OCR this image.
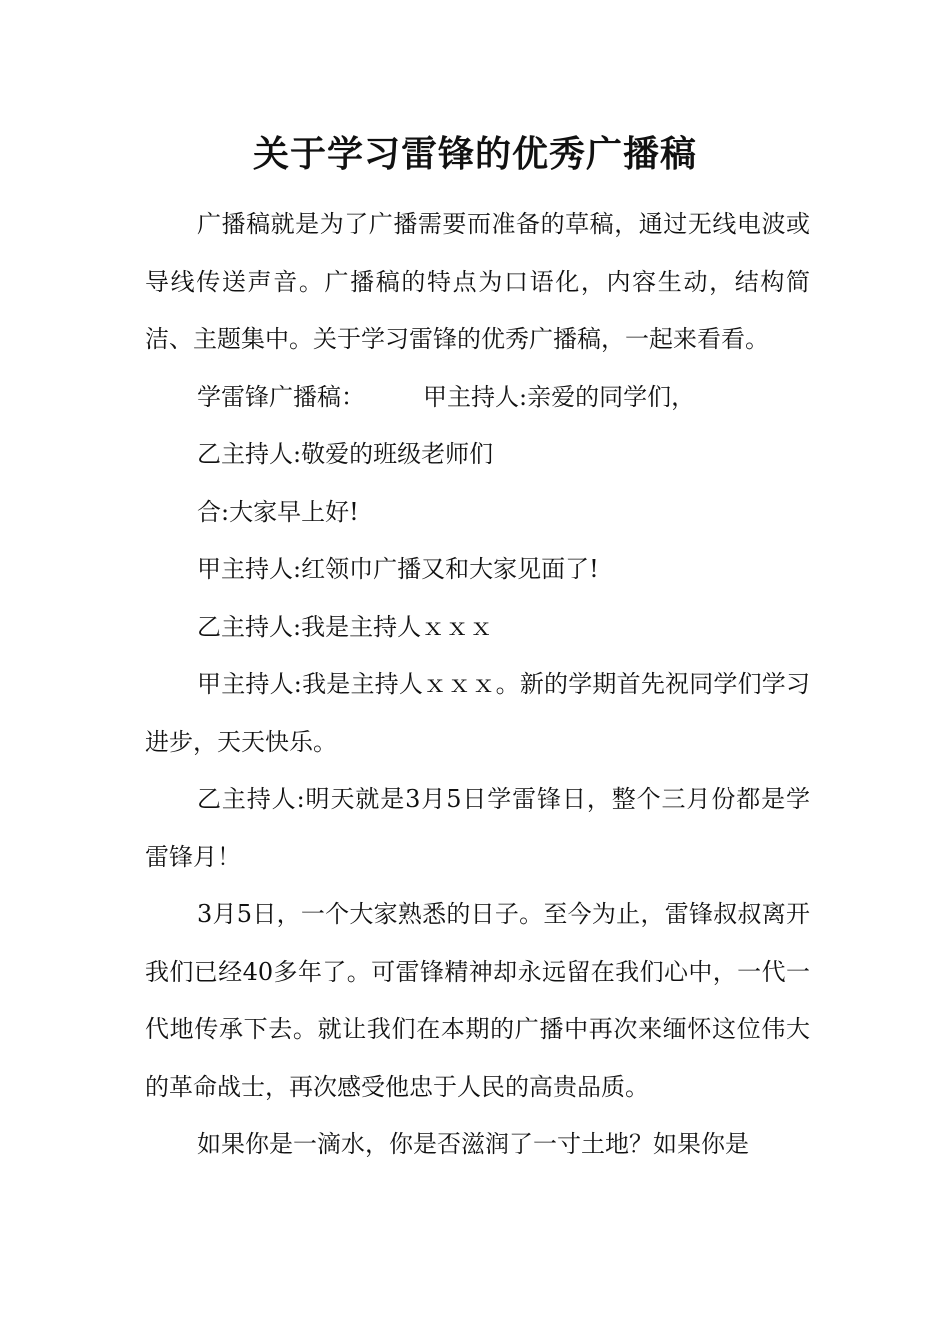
关于学习雷锋的优秀广播稿

广播稿就是为了广播需要而准备的草稿，通过无线电波或导线传送声音。广播稿的特点为口语化，内容生动，结构简洁、主题集中。关于学习雷锋的优秀广播稿，一起来看看。

学雷锋广播稿： 甲主持人:亲爱的同学们，

乙主持人:敬爱的班级老师们

合:大家早上好!

甲主持人:红领巾广播又和大家见面了!

乙主持人:我是主持人ｘｘｘ

甲主持人:我是主持人ｘｘｘ。新的学期首先祝同学们学习进步，天天快乐。

乙主持人:明天就是3月5日学雷锋日，整个三月份都是学雷锋月！

3月5日，一个大家熟悉的日子。至今为止，雷锋叔叔离开我们已经40多年了。可雷锋精神却永远留在我们心中，一代一代地传承下去。就让我们在本期的广播中再次来缅怀这位伟大的革命战士，再次感受他忠于人民的高贵品质。

如果你是一滴水，你是否滋润了一寸土地？如果你是
